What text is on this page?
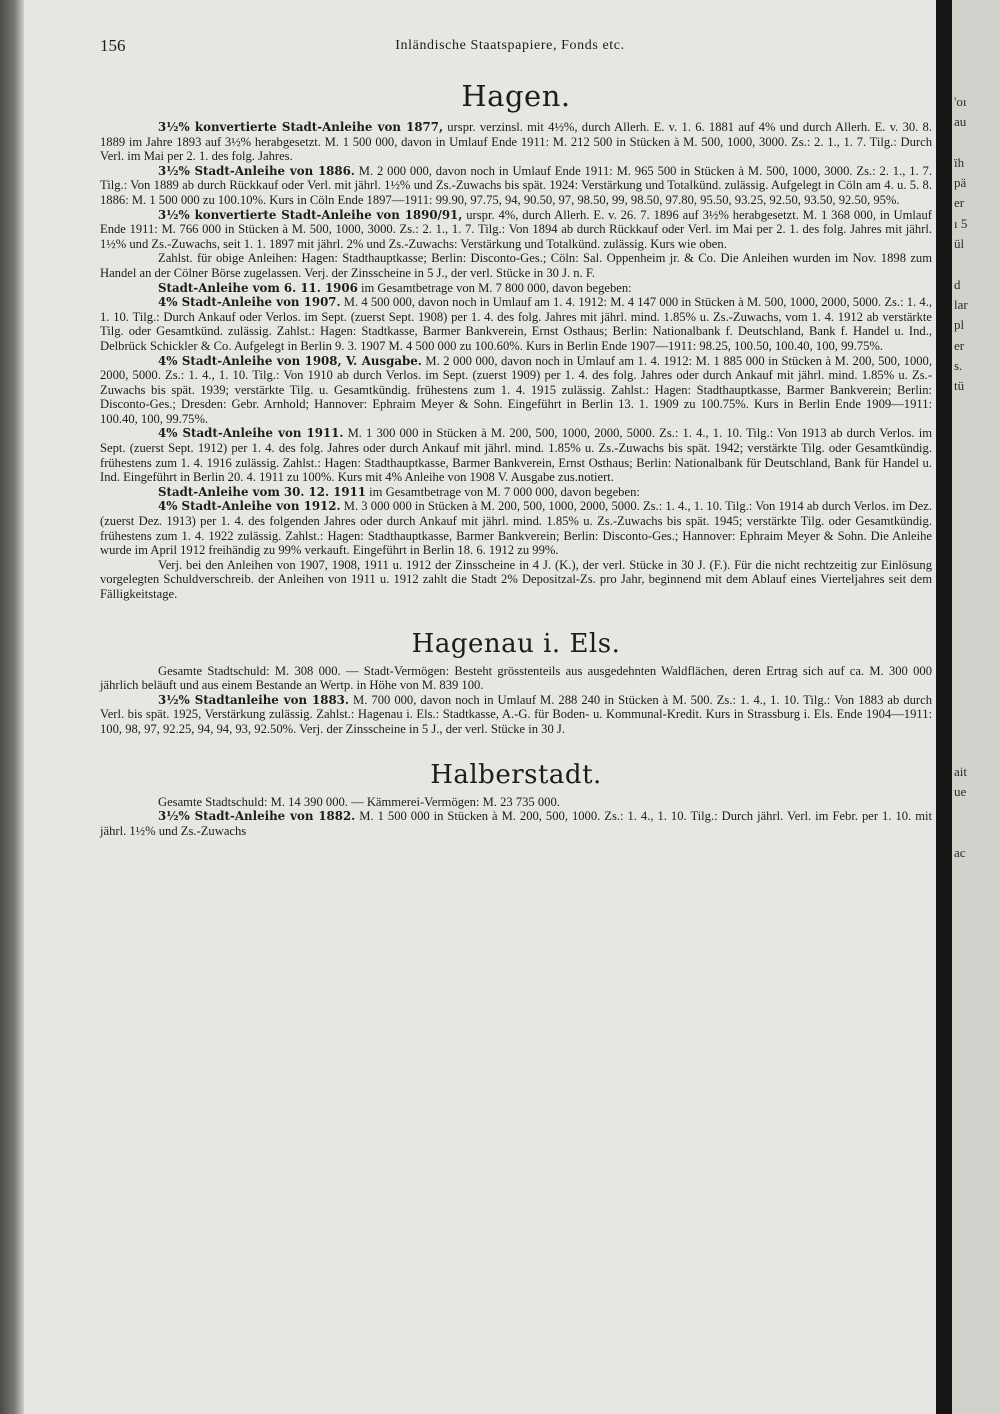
'oı
au
ïh
pä
er
ı 5
ül
d
lar
pl
er
s.
tü
ait
ue
ac
156	Inländische Staatspapiere, Fonds etc.
Hagen.

3½% konvertierte Stadt-Anleihe von 1877, urspr. verzinsl. mit 4½%, durch Allerh. E. v. 1. 6. 1881 auf 4% und durch Allerh. E. v. 30. 8. 1889 im Jahre 1893 auf 3½% herabgesetzt. M. 1 500 000, davon in Umlauf Ende 1911: M. 212 500 in Stücken à M. 500, 1000, 3000. Zs.: 2. 1., 1. 7. Tilg.: Durch Verl. im Mai per 2. 1. des folg. Jahres.

3½% Stadt-Anleihe von 1886. M. 2 000 000, davon noch in Umlauf Ende 1911: M. 965 500 in Stücken à M. 500, 1000, 3000. Zs.: 2. 1., 1. 7. Tilg.: Von 1889 ab durch Rückkauf oder Verl. mit jährl. 1½% und Zs.-Zuwachs bis spät. 1924: Verstärkung und Totalkünd. zulässig. Aufgelegt in Cöln am 4. u. 5. 8. 1886: M. 1 500 000 zu 100.10%. Kurs in Cöln Ende 1897—1911: 99.90, 97.75, 94, 90.50, 97, 98.50, 99, 98.50, 97.80, 95.50, 93.25, 92.50, 93.50, 92.50, 95%.

3½% konvertierte Stadt-Anleihe von 1890/91, urspr. 4%, durch Allerh. E. v. 26. 7. 1896 auf 3½% herabgesetzt. M. 1 368 000, in Umlauf Ende 1911: M. 766 000 in Stücken à M. 500, 1000, 3000. Zs.: 2. 1., 1. 7. Tilg.: Von 1894 ab durch Rückkauf oder Verl. im Mai per 2. 1. des folg. Jahres mit jährl. 1½% und Zs.-Zuwachs, seit 1. 1. 1897 mit jährl. 2% und Zs.-Zuwachs: Verstärkung und Totalkünd. zulässig. Kurs wie oben.

Zahlst. für obige Anleihen: Hagen: Stadthauptkasse; Berlin: Disconto-Ges.; Cöln: Sal. Oppenheim jr. & Co. Die Anleihen wurden im Nov. 1898 zum Handel an der Cölner Börse zugelassen. Verj. der Zinsscheine in 5 J., der verl. Stücke in 30 J. n. F.

Stadt-Anleihe vom 6. 11. 1906 im Gesamtbetrage von M. 7 800 000, davon begeben:

4% Stadt-Anleihe von 1907. M. 4 500 000, davon noch in Umlauf am 1. 4. 1912: M. 4 147 000 in Stücken à M. 500, 1000, 2000, 5000. Zs.: 1. 4., 1. 10. Tilg.: Durch Ankauf oder Verlos. im Sept. (zuerst Sept. 1908) per 1. 4. des folg. Jahres mit jährl. mind. 1.85% u. Zs.-Zuwachs, vom 1. 4. 1912 ab verstärkte Tilg. oder Gesamtkünd. zulässig. Zahlst.: Hagen: Stadtkasse, Barmer Bankverein, Ernst Osthaus; Berlin: Nationalbank f. Deutschland, Bank f. Handel u. Ind., Delbrück Schickler & Co. Aufgelegt in Berlin 9. 3. 1907 M. 4 500 000 zu 100.60%. Kurs in Berlin Ende 1907—1911: 98.25, 100.50, 100.40, 100, 99.75%.

4% Stadt-Anleihe von 1908, V. Ausgabe. M. 2 000 000, davon noch in Umlauf am 1. 4. 1912: M. 1 885 000 in Stücken à M. 200, 500, 1000, 2000, 5000. Zs.: 1. 4., 1. 10. Tilg.: Von 1910 ab durch Verlos. im Sept. (zuerst 1909) per 1. 4. des folg. Jahres oder durch Ankauf mit jährl. mind. 1.85% u. Zs.-Zuwachs bis spät. 1939; verstärkte Tilg. u. Gesamtkündig. frühestens zum 1. 4. 1915 zulässig. Zahlst.: Hagen: Stadthauptkasse, Barmer Bankverein; Berlin: Disconto-Ges.; Dresden: Gebr. Arnhold; Hannover: Ephraim Meyer & Sohn. Eingeführt in Berlin 13. 1. 1909 zu 100.75%. Kurs in Berlin Ende 1909—1911: 100.40, 100, 99.75%.

4% Stadt-Anleihe von 1911. M. 1 300 000 in Stücken à M. 200, 500, 1000, 2000, 5000. Zs.: 1. 4., 1. 10. Tilg.: Von 1913 ab durch Verlos. im Sept. (zuerst Sept. 1912) per 1. 4. des folg. Jahres oder durch Ankauf mit jährl. mind. 1.85% u. Zs.-Zuwachs bis spät. 1942; verstärkte Tilg. oder Gesamtkündig. frühestens zum 1. 4. 1916 zulässig. Zahlst.: Hagen: Stadthauptkasse, Barmer Bankverein, Ernst Osthaus; Berlin: Nationalbank für Deutschland, Bank für Handel u. Ind. Eingeführt in Berlin 20. 4. 1911 zu 100%. Kurs mit 4% Anleihe von 1908 V. Ausgabe zus.notiert.

Stadt-Anleihe vom 30. 12. 1911 im Gesamtbetrage von M. 7 000 000, davon begeben:

4% Stadt-Anleihe von 1912. M. 3 000 000 in Stücken à M. 200, 500, 1000, 2000, 5000. Zs.: 1. 4., 1. 10. Tilg.: Von 1914 ab durch Verlos. im Dez. (zuerst Dez. 1913) per 1. 4. des folgenden Jahres oder durch Ankauf mit jährl. mind. 1.85% u. Zs.-Zuwachs bis spät. 1945; verstärkte Tilg. oder Gesamtkündig. frühestens zum 1. 4. 1922 zulässig. Zahlst.: Hagen: Stadthauptkasse, Barmer Bankverein; Berlin: Disconto-Ges.; Hannover: Ephraim Meyer & Sohn. Die Anleihe wurde im April 1912 freihändig zu 99% verkauft. Eingeführt in Berlin 18. 6. 1912 zu 99%.

Verj. bei den Anleihen von 1907, 1908, 1911 u. 1912 der Zinsscheine in 4 J. (K.), der verl. Stücke in 30 J. (F.). Für die nicht rechtzeitig zur Einlösung vorgelegten Schuldverschreib. der Anleihen von 1911 u. 1912 zahlt die Stadt 2% Depositzal-Zs. pro Jahr, beginnend mit dem Ablauf eines Vierteljahres seit dem Fälligkeitstage.

Hagenau i. Els.

Gesamte Stadtschuld: M. 308 000. — Stadt-Vermögen: Besteht grösstenteils aus ausgedehnten Waldflächen, deren Ertrag sich auf ca. M. 300 000 jährlich beläuft und aus einem Bestande an Wertp. in Höhe von M. 839 100.

3½% Stadtanleihe von 1883. M. 700 000, davon noch in Umlauf M. 288 240 in Stücken à M. 500. Zs.: 1. 4., 1. 10. Tilg.: Von 1883 ab durch Verl. bis spät. 1925, Verstärkung zulässig. Zahlst.: Hagenau i. Els.: Stadtkasse, A.-G. für Boden- u. Kommunal-Kredit. Kurs in Strassburg i. Els. Ende 1904—1911: 100, 98, 97, 92.25, 94, 94, 93, 92.50%. Verj. der Zinsscheine in 5 J., der verl. Stücke in 30 J.

Halberstadt.

Gesamte Stadtschuld: M. 14 390 000. — Kämmerei-Vermögen: M. 23 735 000.

3½% Stadt-Anleihe von 1882. M. 1 500 000 in Stücken à M. 200, 500, 1000. Zs.: 1. 4., 1. 10. Tilg.: Durch jährl. Verl. im Febr. per 1. 10. mit jährl. 1½% und Zs.-Zuwachs
